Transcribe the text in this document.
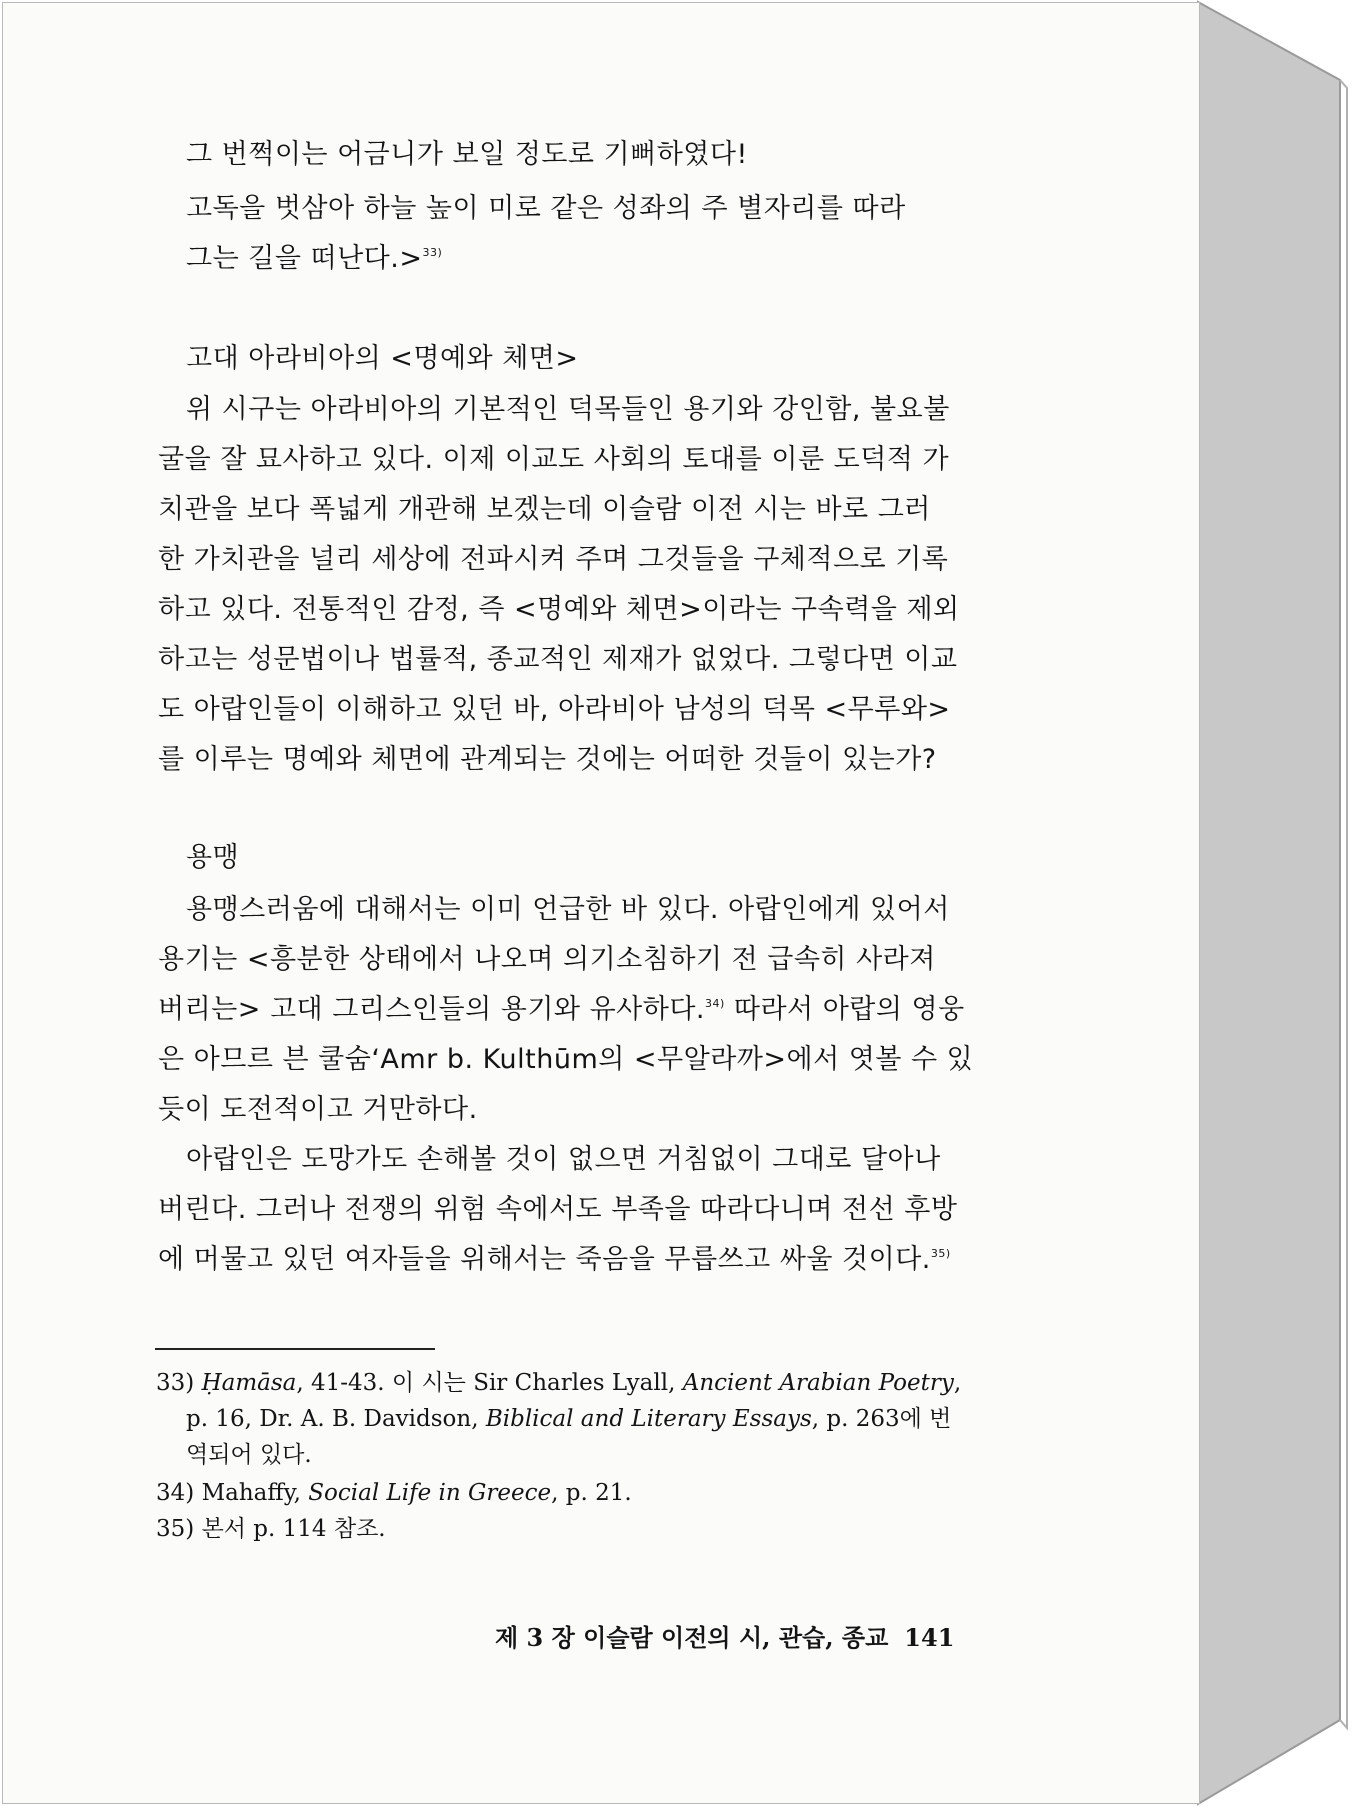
그 번쩍이는 어금니가 보일 정도로 기뻐하였다!
고독을 벗삼아 하늘 높이 미로 같은 성좌의 주 별자리를 따라
그는 길을 떠난다.>$^{33)}$
고대 아라비아의 <명예와 체면>
위 시구는 아라비아의 기본적인 덕목들인 용기와 강인함, 불요불
굴을 잘 묘사하고 있다. 이제 이교도 사회의 토대를 이룬 도덕적 가
치관을 보다 폭넓게 개관해 보겠는데 이슬람 이전 시는 바로 그러
한 가치관을 널리 세상에 전파시켜 주며 그것들을 구체적으로 기록
하고 있다. 전통적인 감정, 즉 <명예와 체면>이라는 구속력을 제외
하고는 성문법이나 법률적, 종교적인 제재가 없었다. 그렇다면 이교
도 아랍인들이 이해하고 있던 바, 아라비아 남성의 덕목 <무루와>
를 이루는 명예와 체면에 관계되는 것에는 어떠한 것들이 있는가?
용맹
용맹스러움에 대해서는 이미 언급한 바 있다. 아랍인에게 있어서
용기는 <흥분한 상태에서 나오며 의기소침하기 전 급속히 사라져
버리는> 고대 그리스인들의 용기와 유사하다.$^{34)}$ 따라서 아랍의 영웅
은 아므르 븐 쿨숨‘Amr b. Kulthūm의 <무알라까>에서 엿볼 수 있
듯이 도전적이고 거만하다.
아랍인은 도망가도 손해볼 것이 없으면 거침없이 그대로 달아나
버린다. 그러나 전쟁의 위험 속에서도 부족을 따라다니며 전선 후방
에 머물고 있던 여자들을 위해서는 죽음을 무릅쓰고 싸울 것이다.$^{35)}$
33) Ḥamāsa, 41-43. 이 시는 Sir Charles Lyall, Ancient Arabian Poetry,
p. 16, Dr. A. B. Davidson, Biblical and Literary Essays, p. 263에 번
역되어 있다.
34) Mahaffy, Social Life in Greece, p. 21.
35) 본서 p. 114 참조.
제 3 장 이슬람 이전의 시, 관습, 종교 141
